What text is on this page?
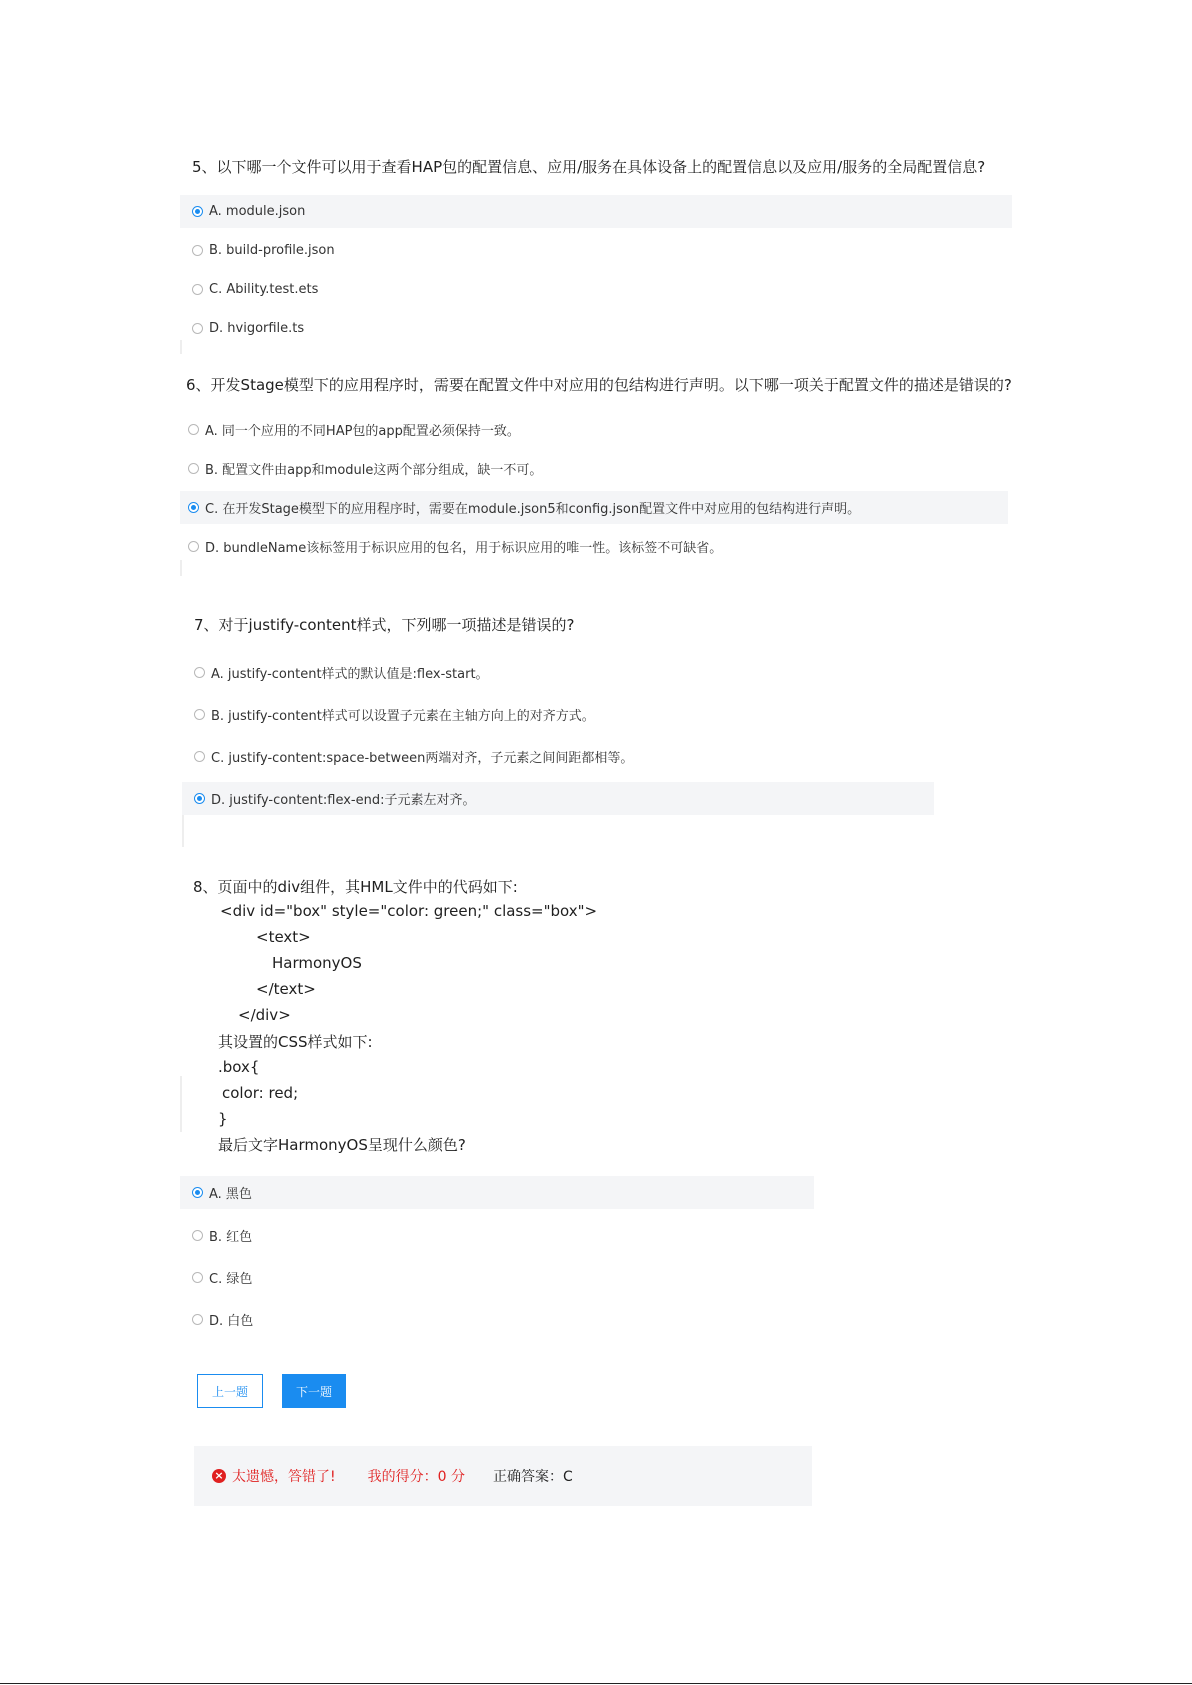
5、以下哪一个文件可以用于查看HAP包的配置信息、应用/服务在具体设备上的配置信息以及应用/服务的全局配置信息?
A. module.json
B. build-profile.json
C. Ability.test.ets
D. hvigorfile.ts
6、开发Stage模型下的应用程序时，需要在配置文件中对应用的包结构进行声明。以下哪一项关于配置文件的描述是错误的?
A. 同一个应用的不同HAP包的app配置必须保持一致。
B. 配置文件由app和module这两个部分组成，缺一不可。
C. 在开发Stage模型下的应用程序时，需要在module.json5和config.json配置文件中对应用的包结构进行声明。
D. bundleName该标签用于标识应用的包名，用于标识应用的唯一性。该标签不可缺省。
7、对于justify-content样式，下列哪一项描述是错误的?
A. justify-content样式的默认值是:flex-start。
B. justify-content样式可以设置子元素在主轴方向上的对齐方式。
C. justify-content:space-between两端对齐，子元素之间间距都相等。
D. justify-content:flex-end:子元素左对齐。
8、页面中的div组件，其HML文件中的代码如下:
<div id="box" style="color: green;" class="box">
<text>
HarmonyOS
</text>
</div>
其设置的CSS样式如下:
.box{
color: red;
}
最后文字HarmonyOS呈现什么颜色?
A. 黑色
B. 红色
C. 绿色
D. 白色
上一题	下一题
× 太遗憾，答错了! 我的得分：0 分 正确答案：C
